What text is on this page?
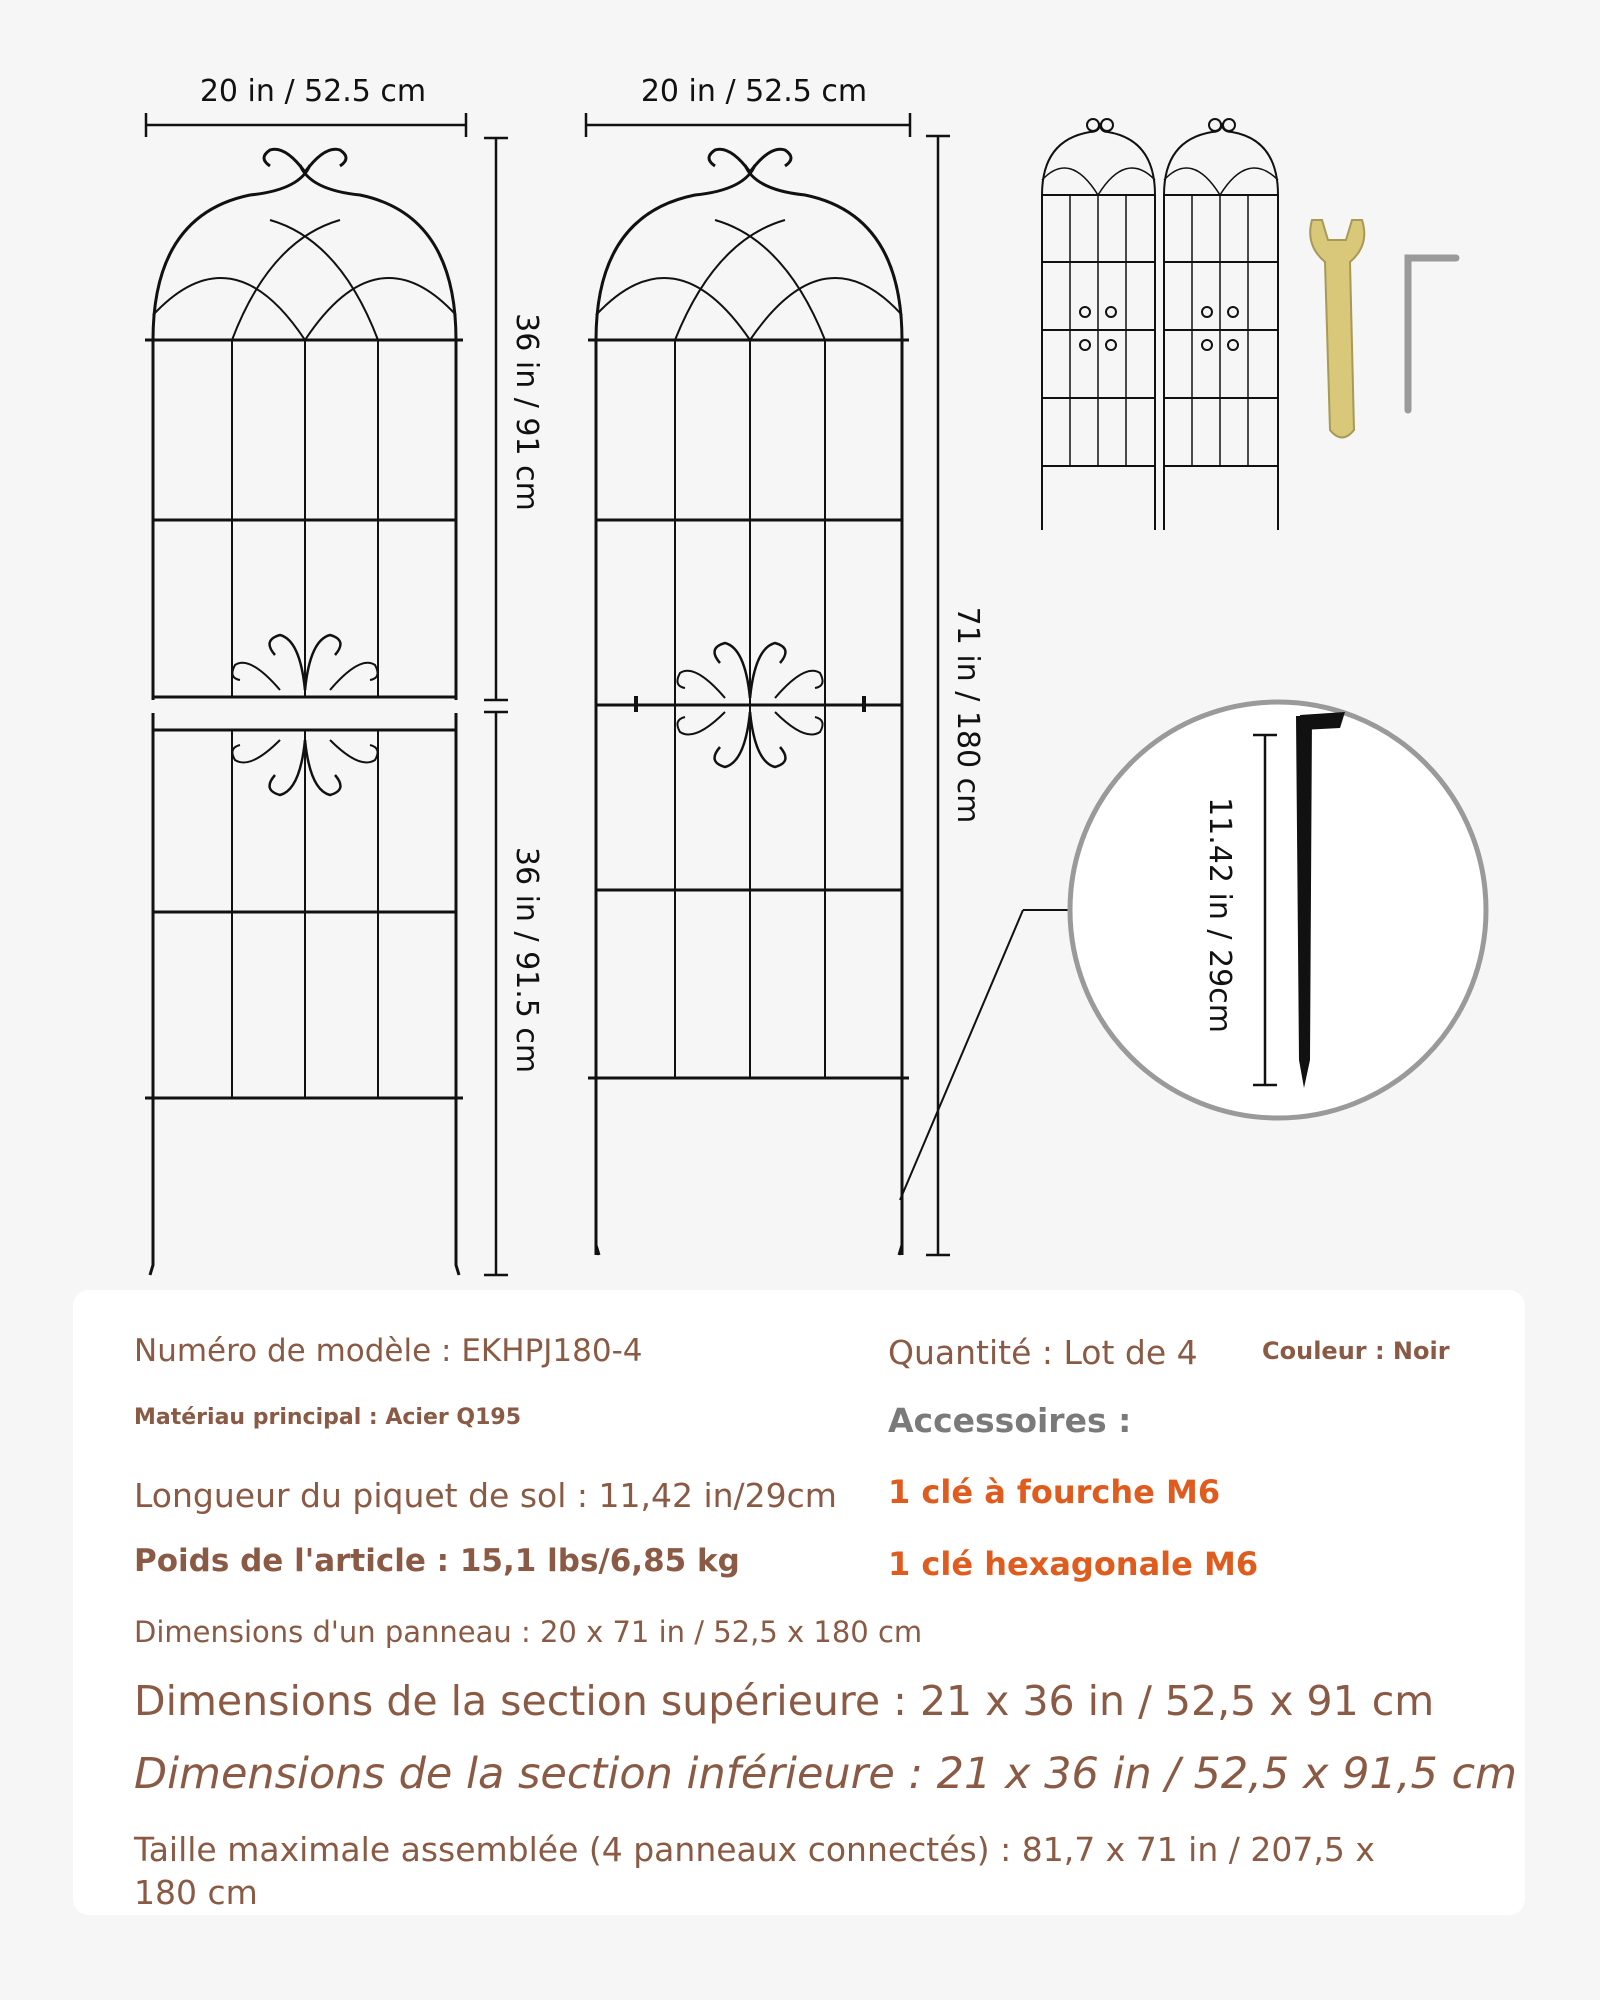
20 in / 52.5 cm	20 in / 52.5 cm
36 in / 91 cm
36 in / 91.5 cm
71 in / 180 cm
11.42 in / 29cm
Numéro de modèle : EKHPJ180-4	Quantité : Lot de 4	Couleur : Noir
Matériau principal : Acier Q195	Accessoires :
Longueur du piquet de sol : 11,42 in/29cm 1 clé à fourche M6
Poids de l'article : 15,1 lbs/6,85 kg	1 clé hexagonale M6
Dimensions d'un panneau : 20 x 71 in / 52,5 x 180 cm
Dimensions de la section supérieure : 21 x 36 in / 52,5 x 91 cm
Dimensions de la section inférieure : 21 x 36 in / 52,5 x 91,5 cm
Taille maximale assemblée (4 panneaux connectés) : 81,7 x 71 in / 207,5 x
180 cm
